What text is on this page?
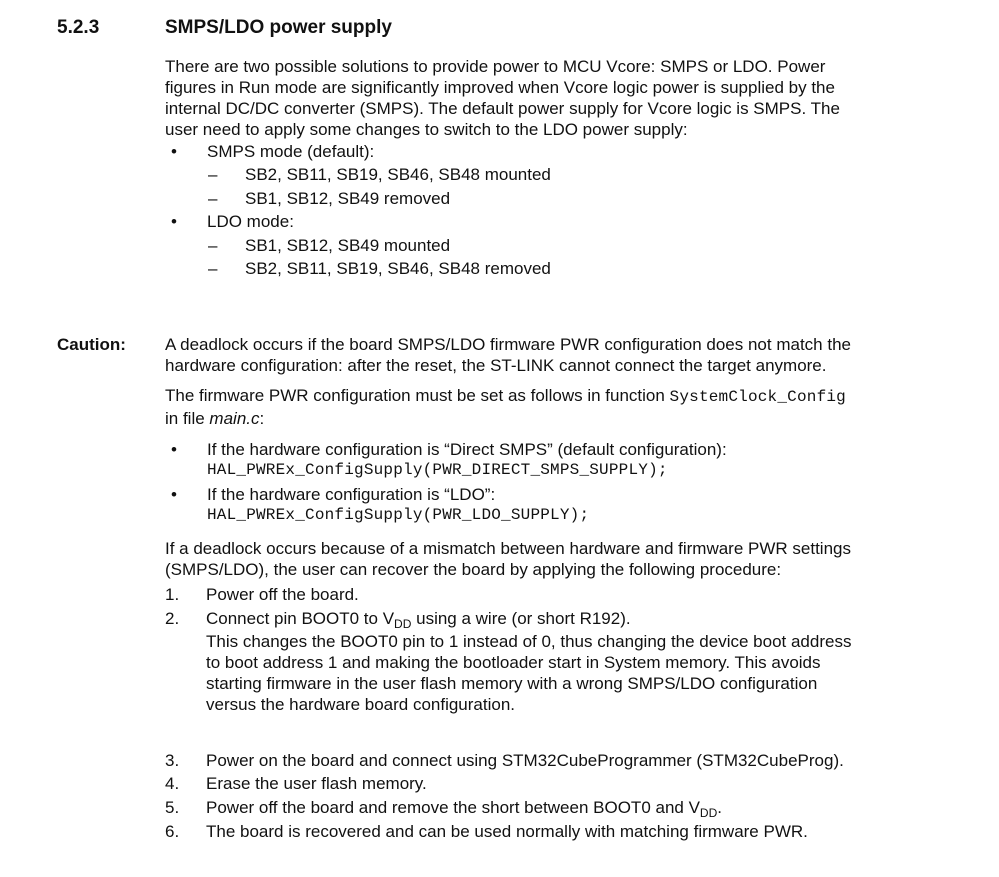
5.2.3	SMPS/LDO power supply
There are two possible solutions to provide power to MCU Vcore: SMPS or LDO. Power
figures in Run mode are significantly improved when Vcore logic power is supplied by the
internal DC/DC converter (SMPS). The default power supply for Vcore logic is SMPS. The
user need to apply some changes to switch to the LDO power supply:
• SMPS mode (default):
– SB2, SB11, SB19, SB46, SB48 mounted
– SB1, SB12, SB49 removed
• LDO mode:
– SB1, SB12, SB49 mounted
– SB2, SB11, SB19, SB46, SB48 removed
Caution: A deadlock occurs if the board SMPS/LDO firmware PWR configuration does not match the
hardware configuration: after the reset, the ST-LINK cannot connect the target anymore.
The firmware PWR configuration must be set as follows in function SystemClock_Config
in file main.c:
• If the hardware configuration is “Direct SMPS” (default configuration):
HAL_PWREx_ConfigSupply(PWR_DIRECT_SMPS_SUPPLY);
• If the hardware configuration is “LDO”:
HAL_PWREx_ConfigSupply(PWR_LDO_SUPPLY);
If a deadlock occurs because of a mismatch between hardware and firmware PWR settings
(SMPS/LDO), the user can recover the board by applying the following procedure:
1. Power off the board.
2. Connect pin BOOT0 to $V_{DD}$ using a wire (or short R192).
This changes the BOOT0 pin to 1 instead of 0, thus changing the device boot address
to boot address 1 and making the bootloader start in System memory. This avoids
starting firmware in the user flash memory with a wrong SMPS/LDO configuration
versus the hardware board configuration.
3. Power on the board and connect using STM32CubeProgrammer (STM32CubeProg).
4. Erase the user flash memory.
5. Power off the board and remove the short between BOOT0 and $V_{DD}$.
6. The board is recovered and can be used normally with matching firmware PWR.
